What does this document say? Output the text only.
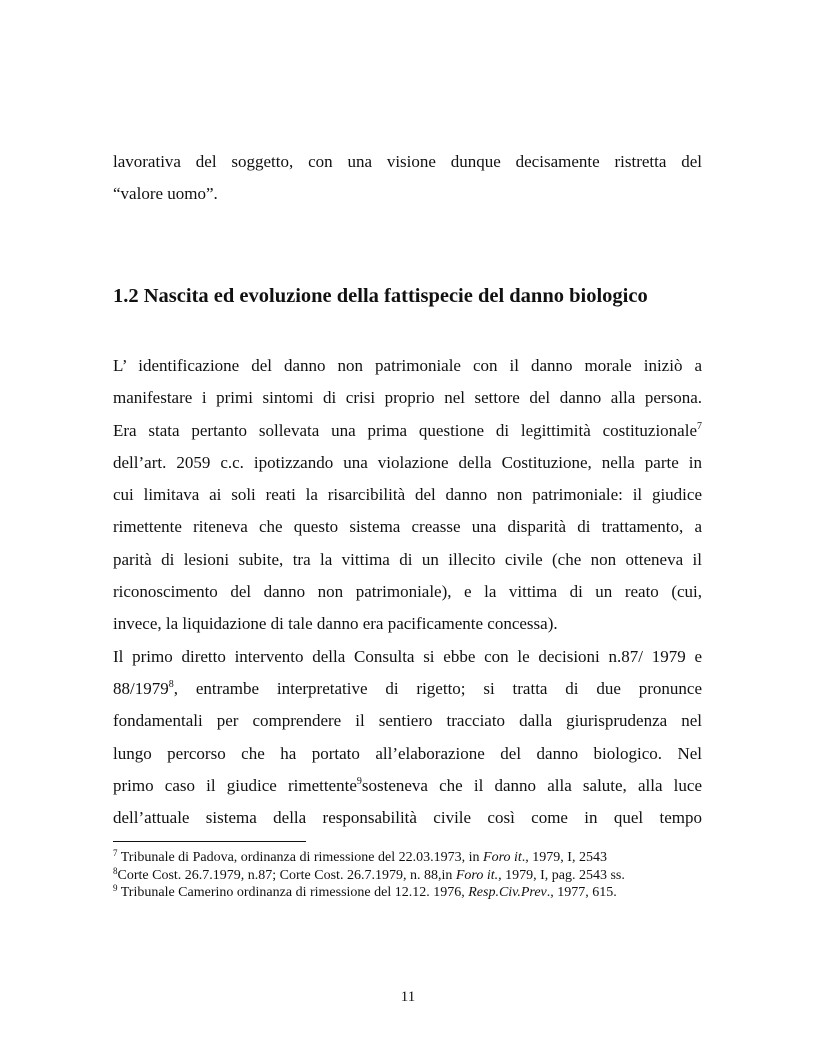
lavorativa del soggetto, con una visione dunque decisamente ristretta del
“valore uomo”.
1.2 Nascita ed evoluzione della fattispecie del danno biologico
L’ identificazione del danno non patrimoniale con il danno morale iniziò a
manifestare i primi sintomi di crisi proprio nel settore del danno alla persona.
Era stata pertanto sollevata una prima questione di legittimità costituzionale$^7$
dell’art. 2059 c.c. ipotizzando una violazione della Costituzione, nella parte in
cui limitava ai soli reati la risarcibilità del danno non patrimoniale: il giudice
rimettente riteneva che questo sistema creasse una disparità di trattamento, a
parità di lesioni subite, tra la vittima di un illecito civile (che non otteneva il
riconoscimento del danno non patrimoniale), e la vittima di un reato (cui,
invece, la liquidazione di tale danno era pacificamente concessa).
Il primo diretto intervento della Consulta si ebbe con le decisioni n.87/ 1979 e
88/1979$^8$, entrambe interpretative di rigetto; si tratta di due pronunce
fondamentali per comprendere il sentiero tracciato dalla giurisprudenza nel
lungo percorso che ha portato all’elaborazione del danno biologico. Nel
primo caso il giudice rimettente$^9$sosteneva che il danno alla salute, alla luce
dell’attuale sistema della responsabilità civile così come in quel tempo
$^7$ Tribunale di Padova, ordinanza di rimessione del 22.03.1973, in Foro it., 1979, I, 2543
$^8$Corte Cost. 26.7.1979, n.87; Corte Cost. 26.7.1979, n. 88,in Foro it., 1979, I, pag. 2543 ss.
$^9$ Tribunale Camerino ordinanza di rimessione del 12.12. 1976, Resp.Civ.Prev., 1977, 615.
11
